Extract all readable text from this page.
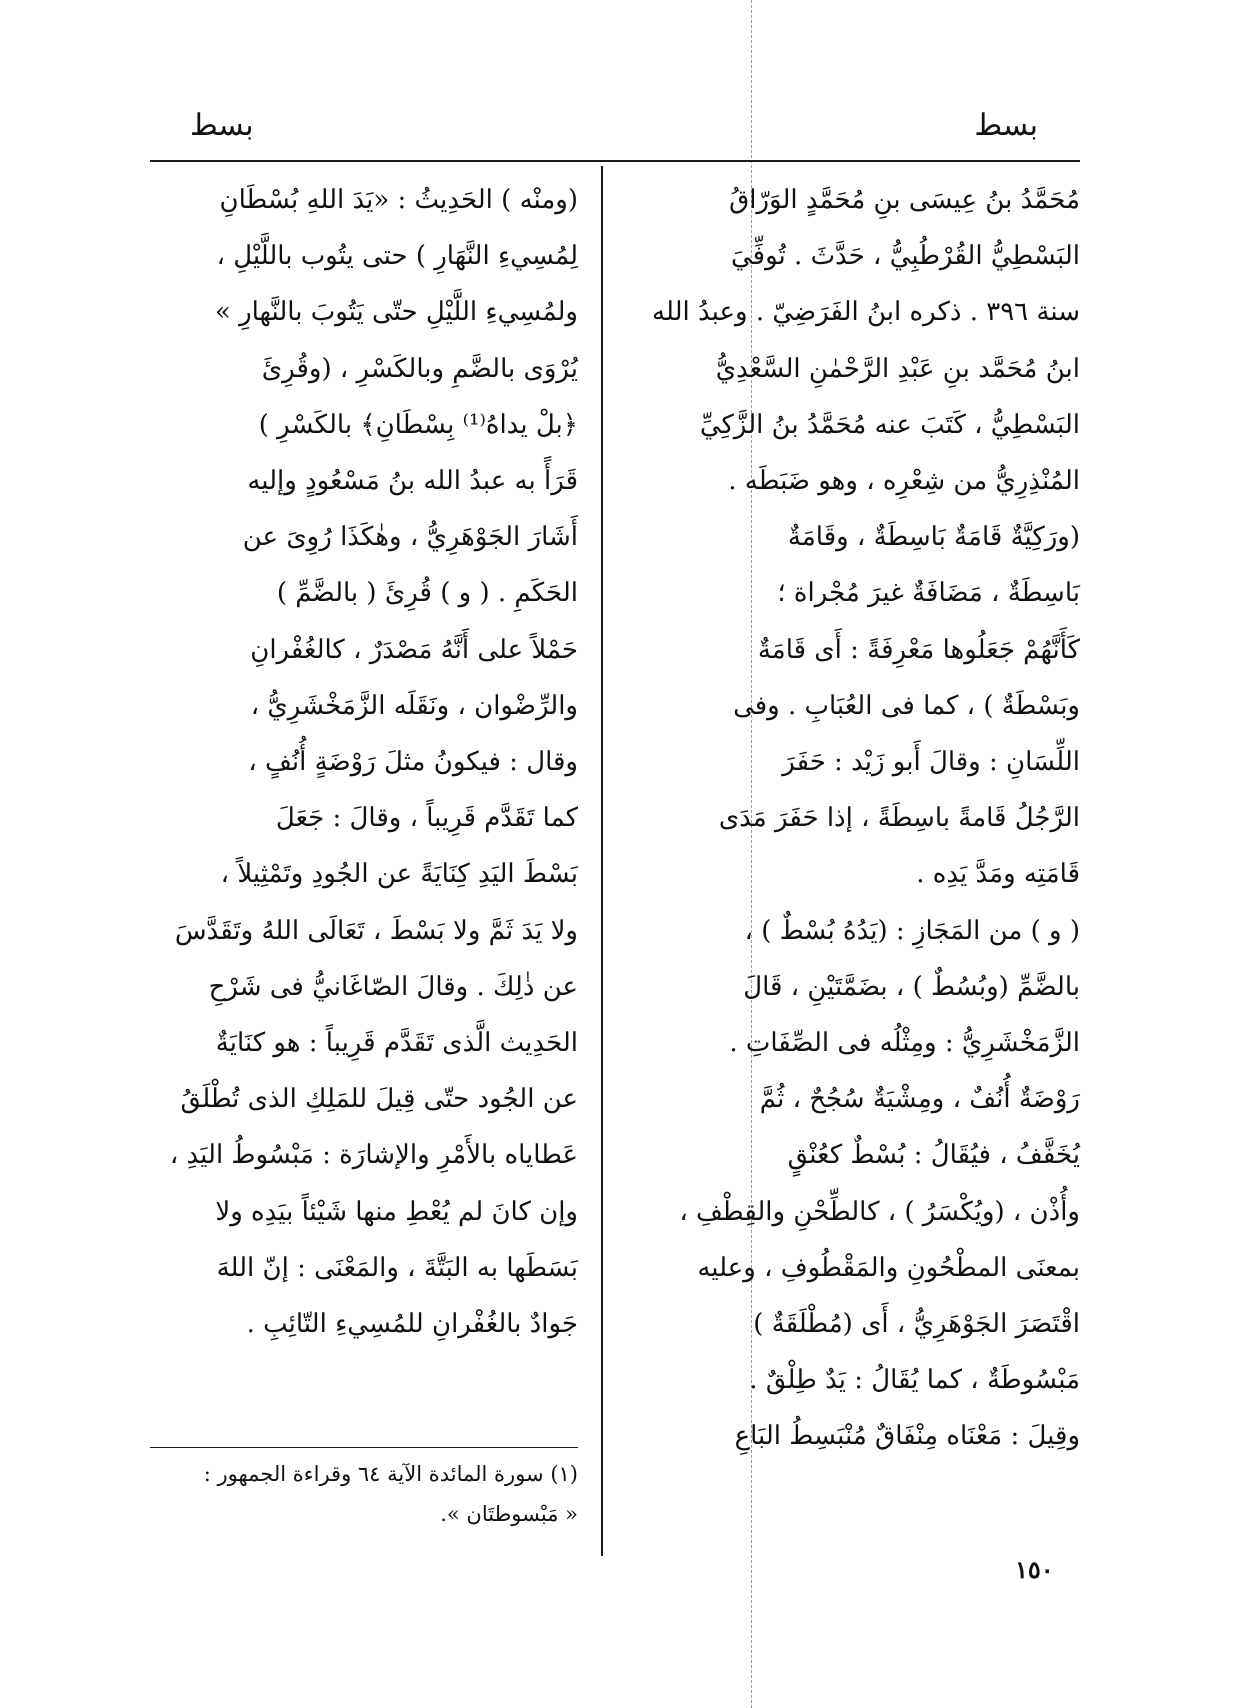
بسط
بسط

مُحَمَّدُ بنُ عِيسَى بنِ مُحَمَّدٍ الوَرّاقُ
البَسْطِيُّ القُرْطُبِيُّ ، حَدَّثَ . تُوفِّيَ
سنة ٣٩٦ . ذكره ابنُ الفَرَضِيّ . وعبدُ الله
ابنُ مُحَمَّد بنِ عَبْدِ الرَّحْمٰنِ السَّعْدِيُّ
البَسْطِيُّ ، كَتَبَ عنه مُحَمَّدُ بنُ الزَّكِيِّ
المُنْذِرِيُّ من شِعْرِه ، وهو ضَبَطَه .

(ورَكِيَّةٌ قَامَةٌ بَاسِطَةٌ ، وقَامَةٌ
بَاسِطَةٌ ، مَضَافَةٌ غيرَ مُجْراة ؛
كَأَنَّهُمْ جَعَلُوها مَعْرِفَةً : أَى قَامَةٌ
وبَسْطَةٌ ) ، كما فى العُبَابِ . وفى
اللِّسَانِ : وقالَ أَبو زَيْد : حَفَرَ
الرَّجُلُ قَامةً باسِطَةً ، إذا حَفَرَ مَدَى
قَامَتِه ومَدَّ يَدِه .

( و ) من المَجَازِ : (يَدُهُ بُسْطٌ ) ،
بالضَّمِّ (وبُسُطٌ ) ، بضَمَّتَيْنِ ، قَالَ
الزَّمَخْشَرِيُّ : ومِثْلُه فى الصِّفَاتِ .
رَوْضَةٌ أُنُفٌ ، ومِشْيَةٌ سُجُحٌ ، ثُمَّ
يُخَفَّفُ ، فيُقَالُ : بُسْطٌ كعُنْقٍ
وأُذْن ، (ويُكْسَرُ ) ، كالطِّحْنِ والقِطْفِ ،
بمعنَى المطْحُونِ والمَقْطُوفِ ، وعليه
اقْتَصَرَ الجَوْهَرِيُّ ، أَى (مُطْلَقَةٌ )
مَبْسُوطَةٌ ، كما يُقَالُ : يَدٌ طِلْقٌ .
وقِيلَ : مَعْنَاه مِنْفَاقٌ مُنْبَسِطُ البَاعِ

(ومنْه ) الحَدِيثُ : «يَدَ اللهِ بُسْطَانِ
لِمُسِيءِ النَّهَارِ ) حتى يتُوب باللَّيْلِ ،
ولمُسِيءِ اللَّيْلِ حتّى يَتُوبَ بالنَّهارِ »
يُرْوَى بالضَّمِ وبالكَسْرِ ، (وقُرِئَ
﴿بلْ يداهُ⁽¹⁾ بِسْطَانِ﴾ بالكَسْرِ )
قَرَأً به عبدُ الله بنُ مَسْعُودٍ وإليه
أَشَارَ الجَوْهَرِيُّ ، وهٰكَذَا رُوِىَ عن
الحَكَمِ . ( و ) قُرِئَ ( بالضَّمِّ )
حَمْلاً على أَنَّهُ مَصْدَرٌ ، كالغُفْرانِ
والرِّضْوان ، ونَقَلَه الزَّمَخْشَرِيُّ ،
وقال : فيكونُ مثلَ رَوْضَةٍ أُنُفٍ ،
كما تَقَدَّم قَرِيباً ، وقالَ : جَعَلَ
بَسْطَ اليَدِ كِنَايَةً عن الجُودِ وتَمْثِيلاً ،
ولا يَدَ ثَمَّ ولا بَسْطَ ، تَعَالَى اللهُ وتَقَدَّسَ
عن ذٰلِكَ . وقالَ الصّاغَانيُّ فى شَرْحِ
الحَدِيث الَّذى تَقَدَّم قَرِيباً : هو كنَايَةٌ
عن الجُود حتّى قِيلَ للمَلِكِ الذى تُطْلَقُ
عَطاياه بالأَمْرِ والإشارَة : مَبْسُوطُ اليَدِ ،
وإن كانَ لم يُعْطِ منها شَيْئاً بيَدِه ولا
بَسَطَها به البَتَّةَ ، والمَعْنَى : إنّ اللهَ
جَوادٌ بالغُفْرانِ للمُسِيءِ التّائِبِ .

(١) سورة المائدة الآية ٦٤ وقراءة الجمهور :
« مَبْسوطتَان ».
١٥٠
